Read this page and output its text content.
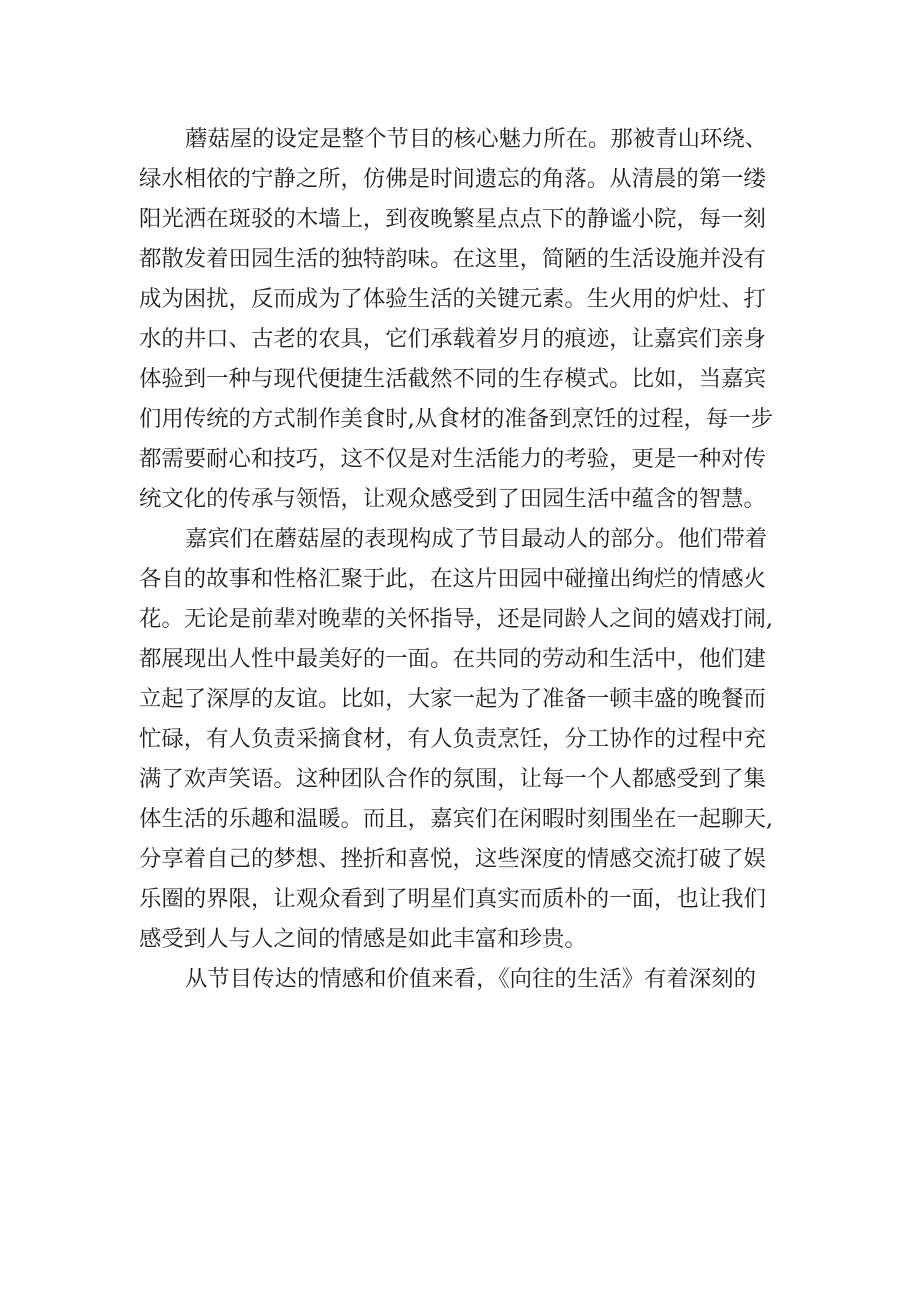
蘑菇屋的设定是整个节目的核心魅力所在。那被青山环绕、
绿水相依的宁静之所，仿佛是时间遗忘的角落。从清晨的第一缕
阳光洒在斑驳的木墙上，到夜晚繁星点点下的静谧小院，每一刻
都散发着田园生活的独特韵味。在这里，简陋的生活设施并没有
成为困扰，反而成为了体验生活的关键元素。生火用的炉灶、打
水的井口、古老的农具，它们承载着岁月的痕迹，让嘉宾们亲身
体验到一种与现代便捷生活截然不同的生存模式。比如，当嘉宾
们用传统的方式制作美食时,从食材的准备到烹饪的过程，每一步
都需要耐心和技巧，这不仅是对生活能力的考验，更是一种对传
统文化的传承与领悟，让观众感受到了田园生活中蕴含的智慧。
嘉宾们在蘑菇屋的表现构成了节目最动人的部分。他们带着
各自的故事和性格汇聚于此，在这片田园中碰撞出绚烂的情感火
花。无论是前辈对晚辈的关怀指导，还是同龄人之间的嬉戏打闹,
都展现出人性中最美好的一面。在共同的劳动和生活中，他们建
立起了深厚的友谊。比如，大家一起为了准备一顿丰盛的晚餐而
忙碌，有人负责采摘食材，有人负责烹饪，分工协作的过程中充
满了欢声笑语。这种团队合作的氛围，让每一个人都感受到了集
体生活的乐趣和温暖。而且，嘉宾们在闲暇时刻围坐在一起聊天,
分享着自己的梦想、挫折和喜悦，这些深度的情感交流打破了娱
乐圈的界限，让观众看到了明星们真实而质朴的一面，也让我们
感受到人与人之间的情感是如此丰富和珍贵。
从节目传达的情感和价值来看，《向往的生活》有着深刻的
